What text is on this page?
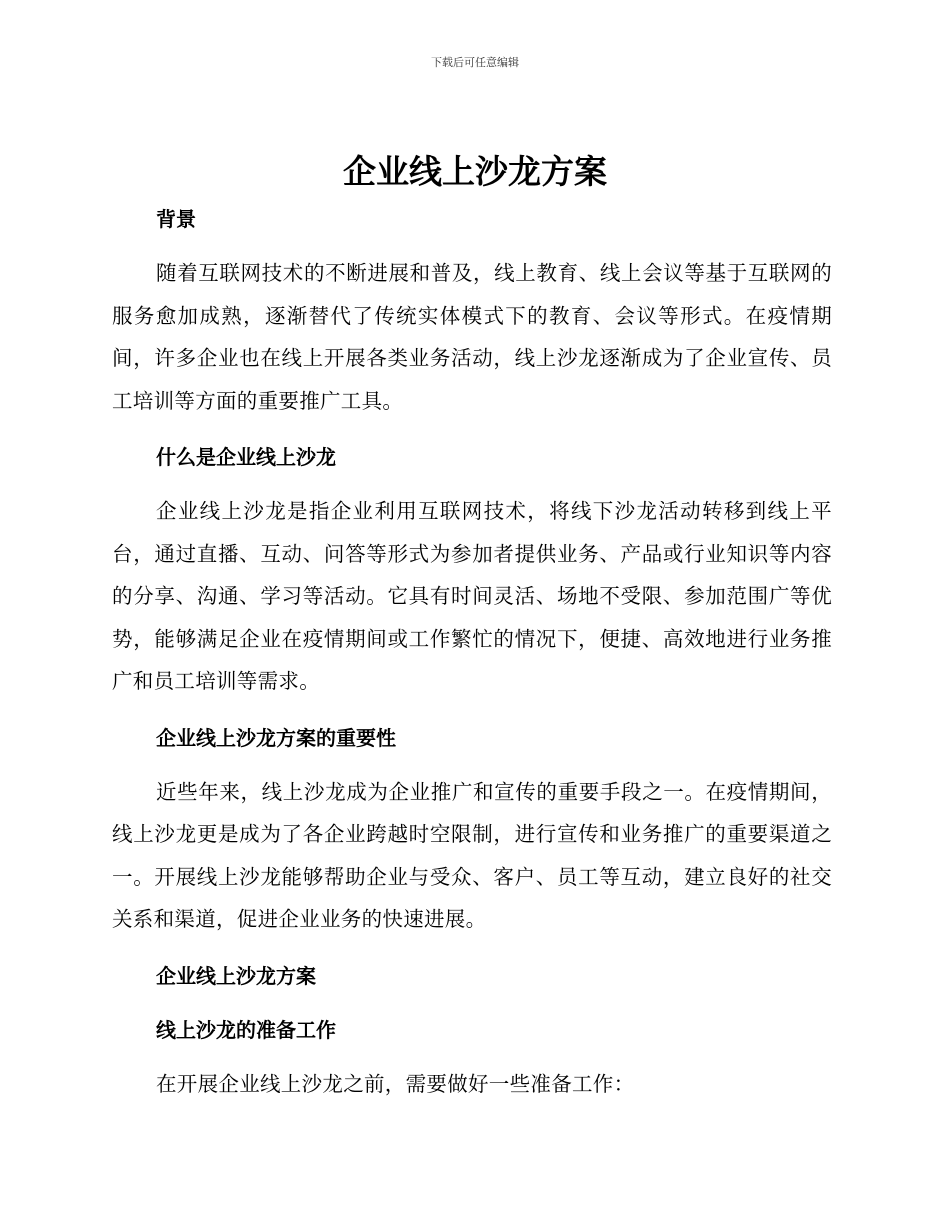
下载后可任意编辑
企业线上沙龙方案

背景

随着互联网技术的不断进展和普及，线上教育、线上会议等基于互联网的服务愈加成熟，逐渐替代了传统实体模式下的教育、会议等形式。在疫情期间，许多企业也在线上开展各类业务活动，线上沙龙逐渐成为了企业宣传、员工培训等方面的重要推广工具。

什么是企业线上沙龙

企业线上沙龙是指企业利用互联网技术，将线下沙龙活动转移到线上平台，通过直播、互动、问答等形式为参加者提供业务、产品或行业知识等内容的分享、沟通、学习等活动。它具有时间灵活、场地不受限、参加范围广等优势，能够满足企业在疫情期间或工作繁忙的情况下，便捷、高效地进行业务推广和员工培训等需求。

企业线上沙龙方案的重要性

近些年来，线上沙龙成为企业推广和宣传的重要手段之一。在疫情期间，线上沙龙更是成为了各企业跨越时空限制，进行宣传和业务推广的重要渠道之一。开展线上沙龙能够帮助企业与受众、客户、员工等互动，建立良好的社交关系和渠道，促进企业业务的快速进展。

企业线上沙龙方案

线上沙龙的准备工作

在开展企业线上沙龙之前，需要做好一些准备工作：
